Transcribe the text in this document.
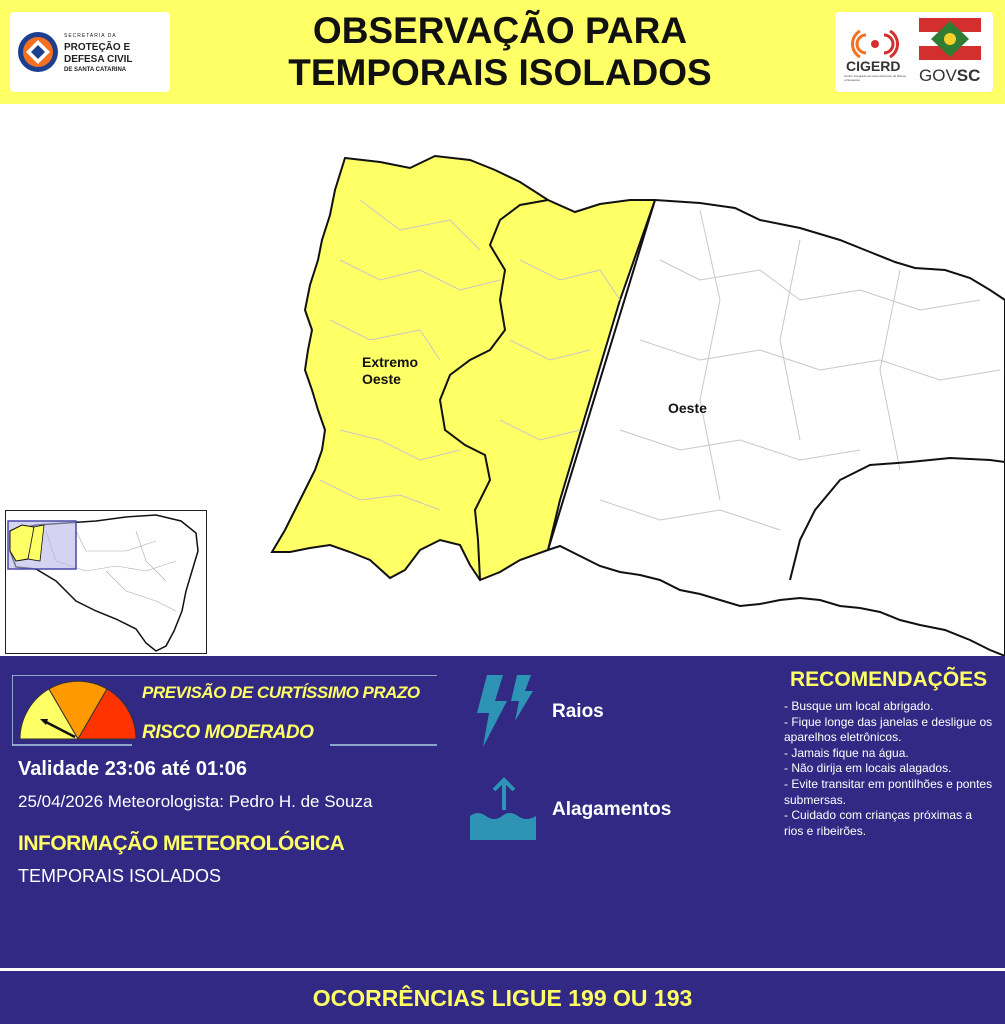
SECRETARIA DA
PROTEÇÃO E
DEFESA CIVIL
DE SANTA CATARINA
OBSERVAÇÃO PARA
TEMPORAIS ISOLADOS	CIGERD
Centro Integrado de Gerenciamento de Riscos e Desastres	GOVSC
Extremo
Oeste
Oeste
PREVISÃO DE CURTÍSSIMO PRAZO
RISCO MODERADO
Validade 23:06 até 01:06
25/04/2026 Meteorologista: Pedro H. de Souza
INFORMAÇÃO METEOROLÓGICA
TEMPORAIS ISOLADOS
Raios
Alagamentos
RECOMENDAÇÕES
- Busque um local abrigado.
- Fique longe das janelas e desligue os aparelhos eletrônicos.
- Jamais fique na água.
- Não dirija em locais alagados.
- Evite transitar em pontilhões e pontes submersas.
- Cuidado com crianças próximas a rios e ribeirões.
OCORRÊNCIAS LIGUE 199 OU 193
